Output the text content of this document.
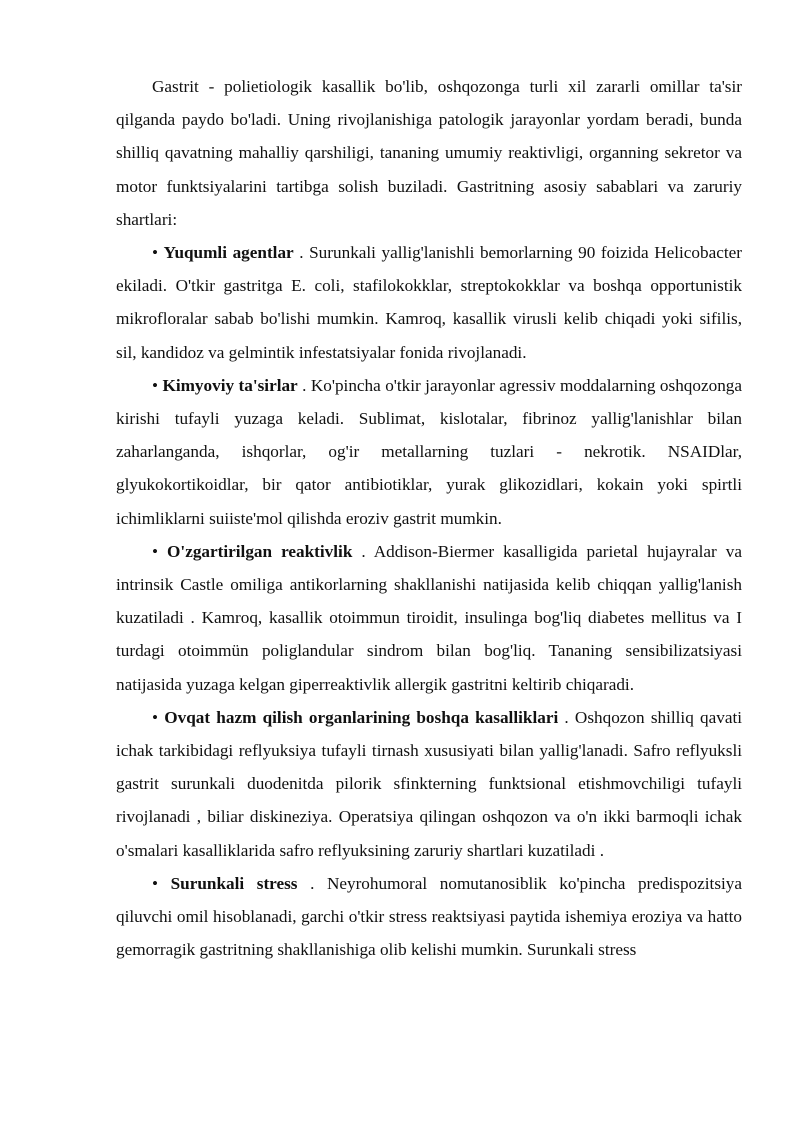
Gastrit - polietiologik kasallik bo'lib, oshqozonga turli xil zararli omillar ta'sir qilganda paydo bo'ladi. Uning rivojlanishiga patologik jarayonlar yordam beradi, bunda shilliq qavatning mahalliy qarshiligi, tananing umumiy reaktivligi, organning sekretor va motor funktsiyalarini tartibga solish buziladi. Gastritning asosiy sabablari va zaruriy shartlari:

• Yuqumli agentlar . Surunkali yallig'lanishli bemorlarning 90 foizida Helicobacter ekiladi. O'tkir gastritga E. coli, stafilokokklar, streptokokklar va boshqa opportunistik mikrofloralar sabab bo'lishi mumkin. Kamroq, kasallik virusli kelib chiqadi yoki sifilis, sil, kandidoz va gelmintik infestatsiyalar fonida rivojlanadi.

• Kimyoviy ta'sirlar . Ko'pincha o'tkir jarayonlar agressiv moddalarning oshqozonga kirishi tufayli yuzaga keladi. Sublimat, kislotalar, fibrinoz yallig'lanishlar bilan zaharlanganda, ishqorlar, og'ir metallarning tuzlari - nekrotik. NSAIDlar, glyukokortikoidlar, bir qator antibiotiklar, yurak glikozidlari, kokain yoki spirtli ichimliklarni suiiste'mol qilishda eroziv gastrit mumkin.

• O'zgartirilgan reaktivlik . Addison-Biermer kasalligida parietal hujayralar va intrinsik Castle omiliga antikorlarning shakllanishi natijasida kelib chiqqan yallig'lanish kuzatiladi . Kamroq, kasallik otoimmun tiroidit, insulinga bog'liq diabetes mellitus va I turdagi otoimmün poliglandular sindrom bilan bog'liq. Tananing sensibilizatsiyasi natijasida yuzaga kelgan giperreaktivlik allergik gastritni keltirib chiqaradi.

• Ovqat hazm qilish organlarining boshqa kasalliklari . Oshqozon shilliq qavati ichak tarkibidagi reflyuksiya tufayli tirnash xususiyati bilan yallig'lanadi. Safro reflyuksli gastrit surunkali duodenitda pilorik sfinkterning funktsional etishmovchiligi tufayli rivojlanadi , biliar diskineziya. Operatsiya qilingan oshqozon va o'n ikki barmoqli ichak o'smalari kasalliklarida safro reflyuksining zaruriy shartlari kuzatiladi .

• Surunkali stress . Neyrohumoral nomutanosiblik ko'pincha predispozitsiya qiluvchi omil hisoblanadi, garchi o'tkir stress reaktsiyasi paytida ishemiya eroziya va hatto gemorragik gastritning shakllanishiga olib kelishi mumkin. Surunkali stress
